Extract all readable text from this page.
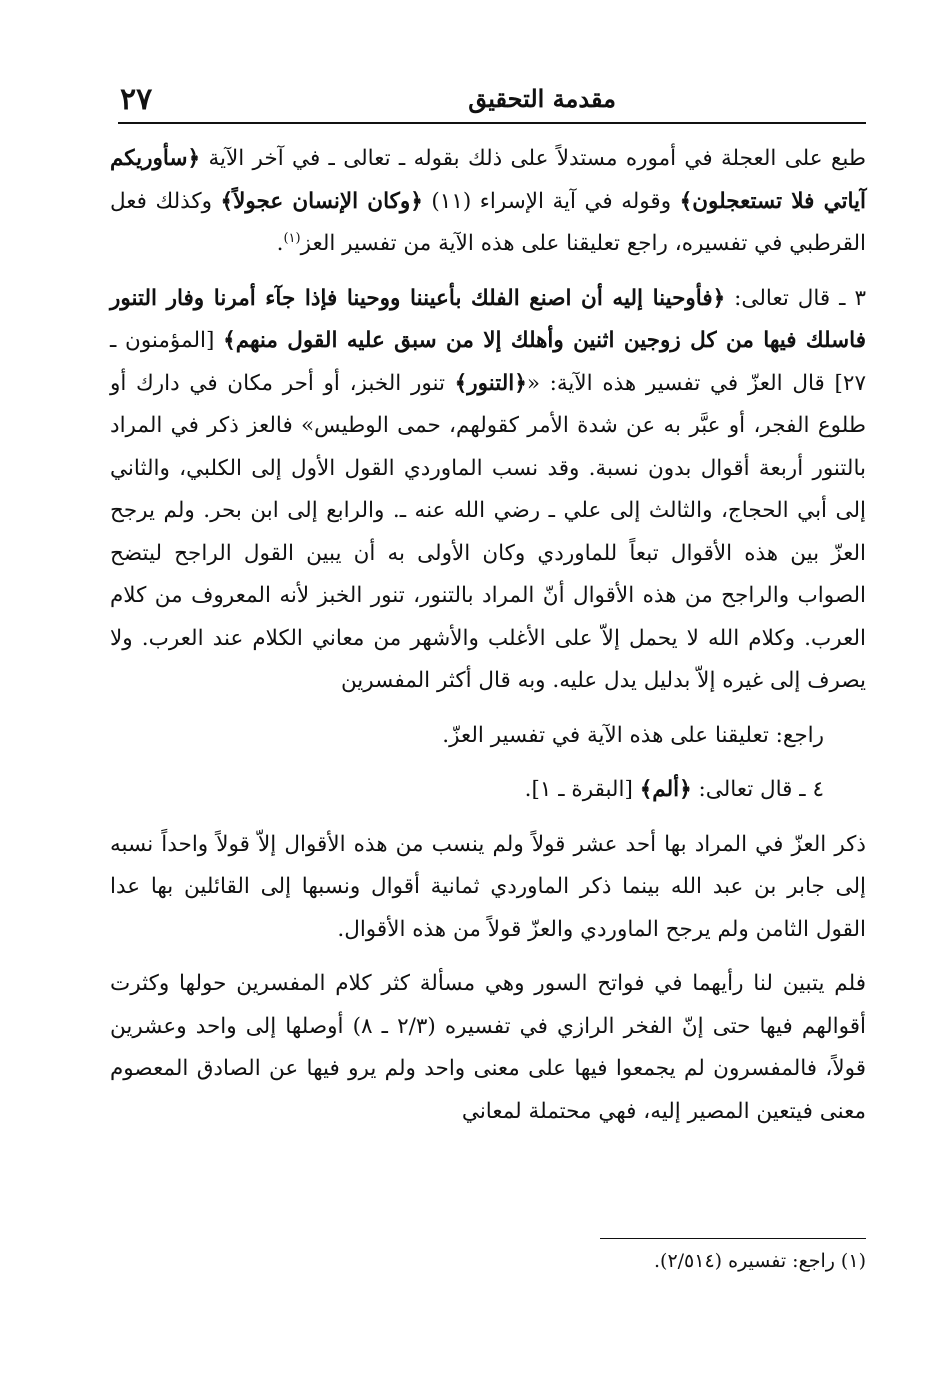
٢٧	مقدمة التحقيق

طبع على العجلة في أموره مستدلاً على ذلك بقوله ـ تعالى ـ في آخر الآية ﴿سأوريكم آياتي فلا تستعجلون﴾ وقوله في آية الإسراء (١١) ﴿وكان الإنسان عجولاً﴾ وكذلك فعل القرطبي في تفسيره، راجع تعليقنا على هذه الآية من تفسير العز$^{(١)}$.

٣ ـ قال تعالى: ﴿فأوحينا إليه أن اصنع الفلك بأعيننا ووحينا فإذا جآء أمرنا وفار التنور فاسلك فيها من كل زوجين اثنين وأهلك إلا من سبق عليه القول منهم﴾ [المؤمنون ـ ٢٧] قال العزّ في تفسير هذه الآية: «﴿التنور﴾ تنور الخبز، أو أحر مكان في دارك أو طلوع الفجر، أو عبَّر به عن شدة الأمر كقولهم، حمى الوطيس» فالعز ذكر في المراد بالتنور أربعة أقوال بدون نسبة. وقد نسب الماوردي القول الأول إلى الكلبي، والثاني إلى أبي الحجاج، والثالث إلى علي ـ رضي الله عنه ـ. والرابع إلى ابن بحر. ولم يرجح العزّ بين هذه الأقوال تبعاً للماوردي وكان الأولى به أن يبين القول الراجح ليتضح الصواب والراجح من هذه الأقوال أنّ المراد بالتنور، تنور الخبز لأنه المعروف من كلام العرب. وكلام الله لا يحمل إلاّ على الأغلب والأشهر من معاني الكلام عند العرب. ولا يصرف إلى غيره إلاّ بدليل يدل عليه. وبه قال أكثر المفسرين

راجع: تعليقنا على هذه الآية في تفسير العزّ.

٤ ـ قال تعالى: ﴿ألم﴾ [البقرة ـ ١].

ذكر العزّ في المراد بها أحد عشر قولاً ولم ينسب من هذه الأقوال إلاّ قولاً واحداً نسبه إلى جابر بن عبد الله بينما ذكر الماوردي ثمانية أقوال ونسبها إلى القائلين بها عدا القول الثامن ولم يرجح الماوردي والعزّ قولاً من هذه الأقوال.

فلم يتبين لنا رأيهما في فواتح السور وهي مسألة كثر كلام المفسرين حولها وكثرت أقوالهم فيها حتى إنّ الفخر الرازي في تفسيره (٢/٣ ـ ٨) أوصلها إلى واحد وعشرين قولاً، فالمفسرون لم يجمعوا فيها على معنى واحد ولم يرو فيها عن الصادق المعصوم معنى فيتعين المصير إليه، فهي محتملة لمعاني

(١) راجع: تفسيره (٢/٥١٤).
